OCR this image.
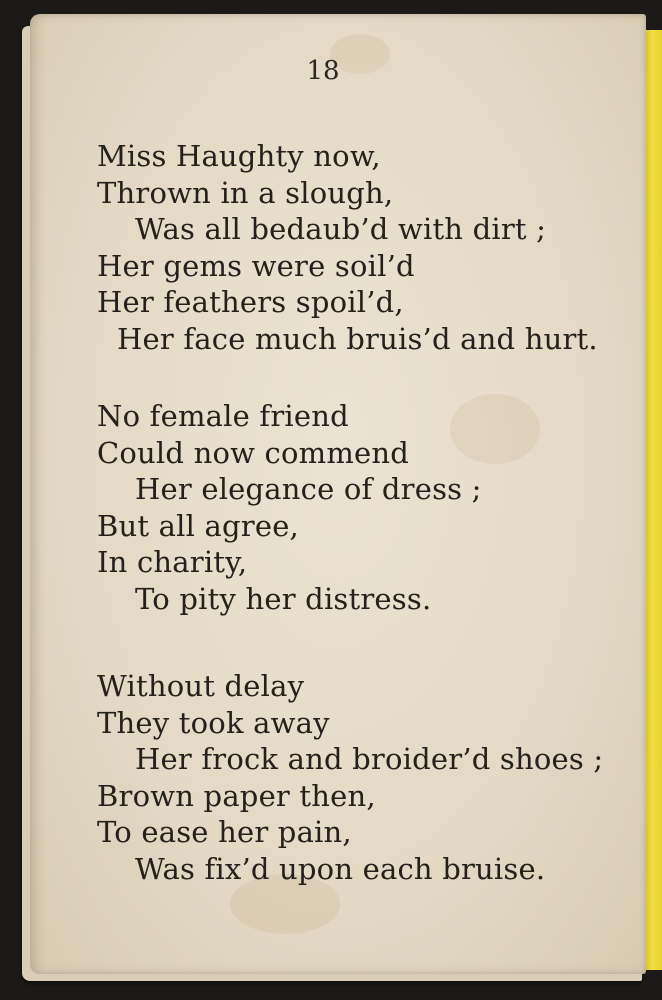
18
Miss Haughty now,
Thrown in a slough,
Was all bedaub’d with dirt ;
Her gems were soil’d
Her feathers spoil’d,
Her face much bruis’d and hurt.
No female friend
Could now commend
Her elegance of dress ;
But all agree,
In charity,
To pity her distress.
Without delay
They took away
Her frock and broider’d shoes ;
Brown paper then,
To ease her pain,
Was fix’d upon each bruise.
